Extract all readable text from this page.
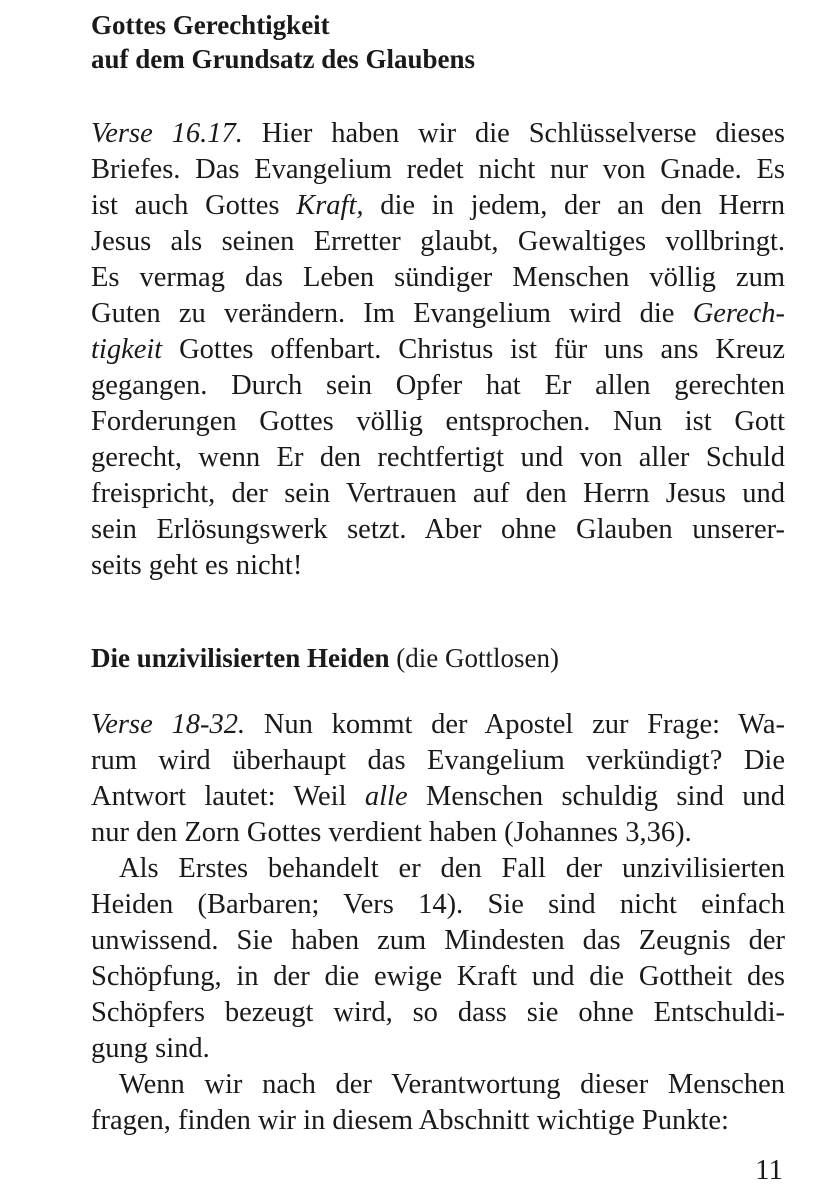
Gottes Gerechtigkeit
auf dem Grundsatz des Glaubens
Verse 16.17. Hier haben wir die Schlüsselverse dieses
Briefes. Das Evangelium redet nicht nur von Gnade. Es
ist auch Gottes Kraft, die in jedem, der an den Herrn
Jesus als seinen Erretter glaubt, Gewaltiges vollbringt.
Es vermag das Leben sündiger Menschen völlig zum
Guten zu verändern. Im Evangelium wird die Gerech-
tigkeit Gottes offenbart. Christus ist für uns ans Kreuz
gegangen. Durch sein Opfer hat Er allen gerechten
Forderungen Gottes völlig entsprochen. Nun ist Gott
gerecht, wenn Er den rechtfertigt und von aller Schuld
freispricht, der sein Vertrauen auf den Herrn Jesus und
sein Erlösungswerk setzt. Aber ohne Glauben unserer-
seits geht es nicht!
Die unzivilisierten Heiden (die Gottlosen)
Verse 18-32. Nun kommt der Apostel zur Frage: Wa-
rum wird überhaupt das Evangelium verkündigt? Die
Antwort lautet: Weil alle Menschen schuldig sind und
nur den Zorn Gottes verdient haben (Johannes 3,36).
Als Erstes behandelt er den Fall der unzivilisierten
Heiden (Barbaren; Vers 14). Sie sind nicht einfach
unwissend. Sie haben zum Mindesten das Zeugnis der
Schöpfung, in der die ewige Kraft und die Gottheit des
Schöpfers bezeugt wird, so dass sie ohne Entschuldi-
gung sind.
Wenn wir nach der Verantwortung dieser Menschen
fragen, finden wir in diesem Abschnitt wichtige Punkte:
11
